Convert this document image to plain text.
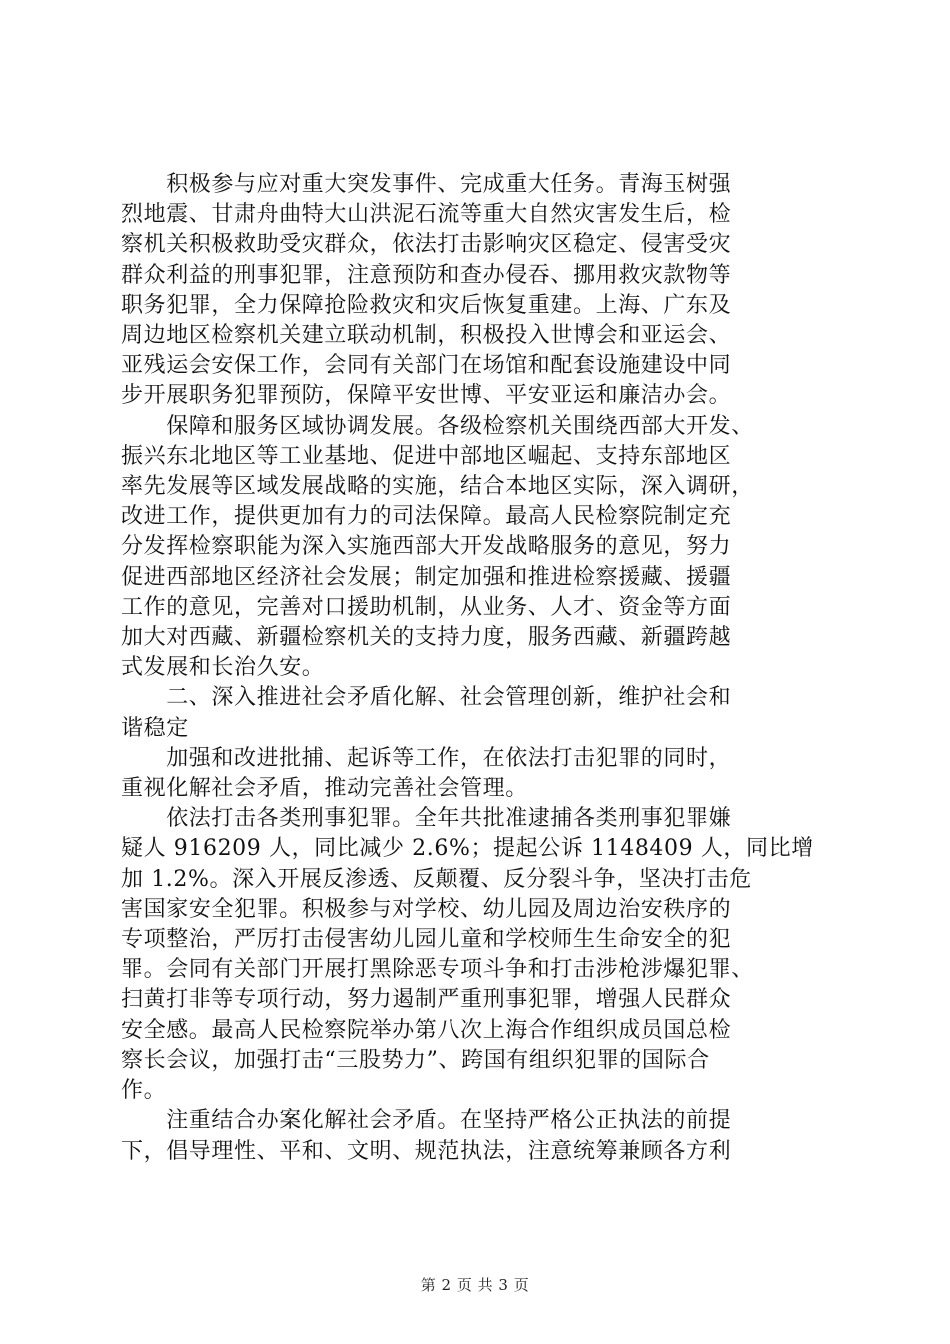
　　积极参与应对重大突发事件、完成重大任务。青海玉树强
烈地震、甘肃舟曲特大山洪泥石流等重大自然灾害发生后，检
察机关积极救助受灾群众，依法打击影响灾区稳定、侵害受灾
群众利益的刑事犯罪，注意预防和查办侵吞、挪用救灾款物等
职务犯罪，全力保障抢险救灾和灾后恢复重建。上海、广东及
周边地区检察机关建立联动机制，积极投入世博会和亚运会、
亚残运会安保工作，会同有关部门在场馆和配套设施建设中同
步开展职务犯罪预防，保障平安世博、平安亚运和廉洁办会。

　　保障和服务区域协调发展。各级检察机关围绕西部大开发、
振兴东北地区等工业基地、促进中部地区崛起、支持东部地区
率先发展等区域发展战略的实施，结合本地区实际，深入调研，
改进工作，提供更加有力的司法保障。最高人民检察院制定充
分发挥检察职能为深入实施西部大开发战略服务的意见，努力
促进西部地区经济社会发展；制定加强和推进检察援藏、援疆
工作的意见，完善对口援助机制，从业务、人才、资金等方面
加大对西藏、新疆检察机关的支持力度，服务西藏、新疆跨越
式发展和长治久安。

　　二、深入推进社会矛盾化解、社会管理创新，维护社会和
谐稳定

　　加强和改进批捕、起诉等工作，在依法打击犯罪的同时，
重视化解社会矛盾，推动完善社会管理。

　　依法打击各类刑事犯罪。全年共批准逮捕各类刑事犯罪嫌
疑人 916209 人，同比减少 2.6%；提起公诉 1148409 人，同比增
加 1.2%。深入开展反渗透、反颠覆、反分裂斗争，坚决打击危
害国家安全犯罪。积极参与对学校、幼儿园及周边治安秩序的
专项整治，严厉打击侵害幼儿园儿童和学校师生生命安全的犯
罪。会同有关部门开展打黑除恶专项斗争和打击涉枪涉爆犯罪、
扫黄打非等专项行动，努力遏制严重刑事犯罪，增强人民群众
安全感。最高人民检察院举办第八次上海合作组织成员国总检
察长会议，加强打击“三股势力”、跨国有组织犯罪的国际合
作。

　　注重结合办案化解社会矛盾。在坚持严格公正执法的前提
下，倡导理性、平和、文明、规范执法，注意统筹兼顾各方利

第 2 页 共 3 页
